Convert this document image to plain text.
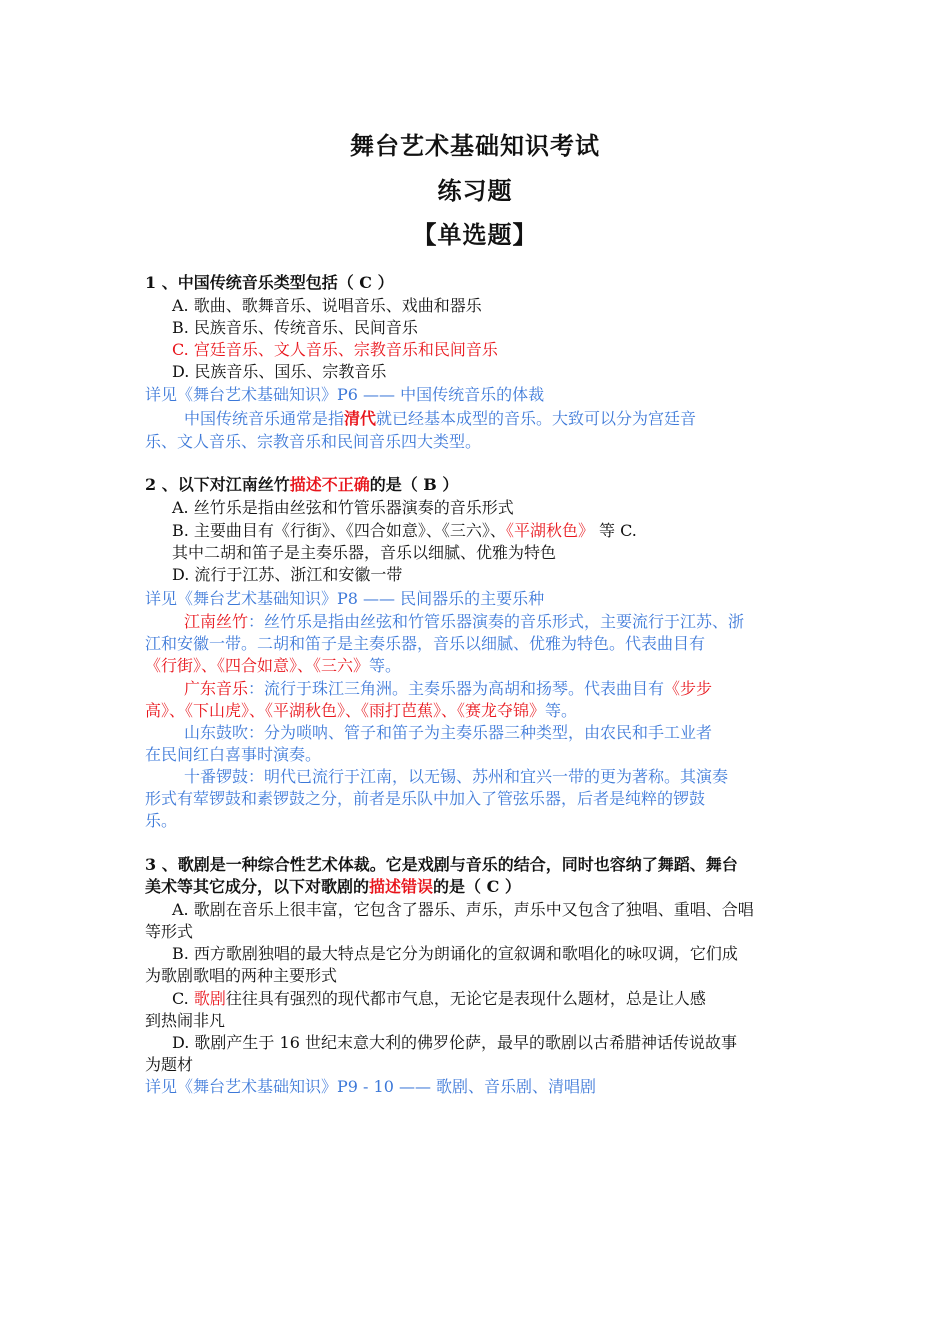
舞台艺术基础知识考试
练习题
【单选题】
1 、中国传统音乐类型包括（ C ）
A. 歌曲、歌舞音乐、说唱音乐、戏曲和器乐
B. 民族音乐、传统音乐、民间音乐
C. 宫廷音乐、文人音乐、宗教音乐和民间音乐
D. 民族音乐、国乐、宗教音乐
详见《舞台艺术基础知识》P6 —— 中国传统音乐的体裁
中国传统音乐通常是指清代就已经基本成型的音乐。大致可以分为宫廷音
乐、文人音乐、宗教音乐和民间音乐四大类型。
2 、以下对江南丝竹描述不正确的是（ B ）
A. 丝竹乐是指由丝弦和竹管乐器演奏的音乐形式
B. 主要曲目有《行街》、《四合如意》、《三六》、《平湖秋色》 等 C.
其中二胡和笛子是主奏乐器，音乐以细腻、优雅为特色
D. 流行于江苏、浙江和安徽一带
详见《舞台艺术基础知识》P8 —— 民间器乐的主要乐种
江南丝竹：丝竹乐是指由丝弦和竹管乐器演奏的音乐形式，主要流行于江苏、浙
江和安徽一带。二胡和笛子是主奏乐器，音乐以细腻、优雅为特色。代表曲目有
《行街》、《四合如意》、《三六》等。
广东音乐：流行于珠江三角洲。主奏乐器为高胡和扬琴。代表曲目有《步步
高》、《下山虎》、《平湖秋色》、《雨打芭蕉》、《赛龙夺锦》等。
山东鼓吹：分为唢呐、管子和笛子为主奏乐器三种类型，由农民和手工业者
在民间红白喜事时演奏。
十番锣鼓：明代已流行于江南，以无锡、苏州和宜兴一带的更为著称。其演奏
形式有荤锣鼓和素锣鼓之分，前者是乐队中加入了管弦乐器，后者是纯粹的锣鼓
乐。
3 、歌剧是一种综合性艺术体裁。它是戏剧与音乐的结合，同时也容纳了舞蹈、舞台
美术等其它成分，以下对歌剧的描述错误的是（ C ）
A. 歌剧在音乐上很丰富，它包含了器乐、声乐，声乐中又包含了独唱、重唱、合唱
等形式
B. 西方歌剧独唱的最大特点是它分为朗诵化的宣叙调和歌唱化的咏叹调，它们成
为歌剧歌唱的两种主要形式
C. 歌剧往往具有强烈的现代都市气息，无论它是表现什么题材，总是让人感
到热闹非凡
D. 歌剧产生于 16 世纪末意大利的佛罗伦萨，最早的歌剧以古希腊神话传说故事
为题材
详见《舞台艺术基础知识》P9 - 10 —— 歌剧、音乐剧、清唱剧
